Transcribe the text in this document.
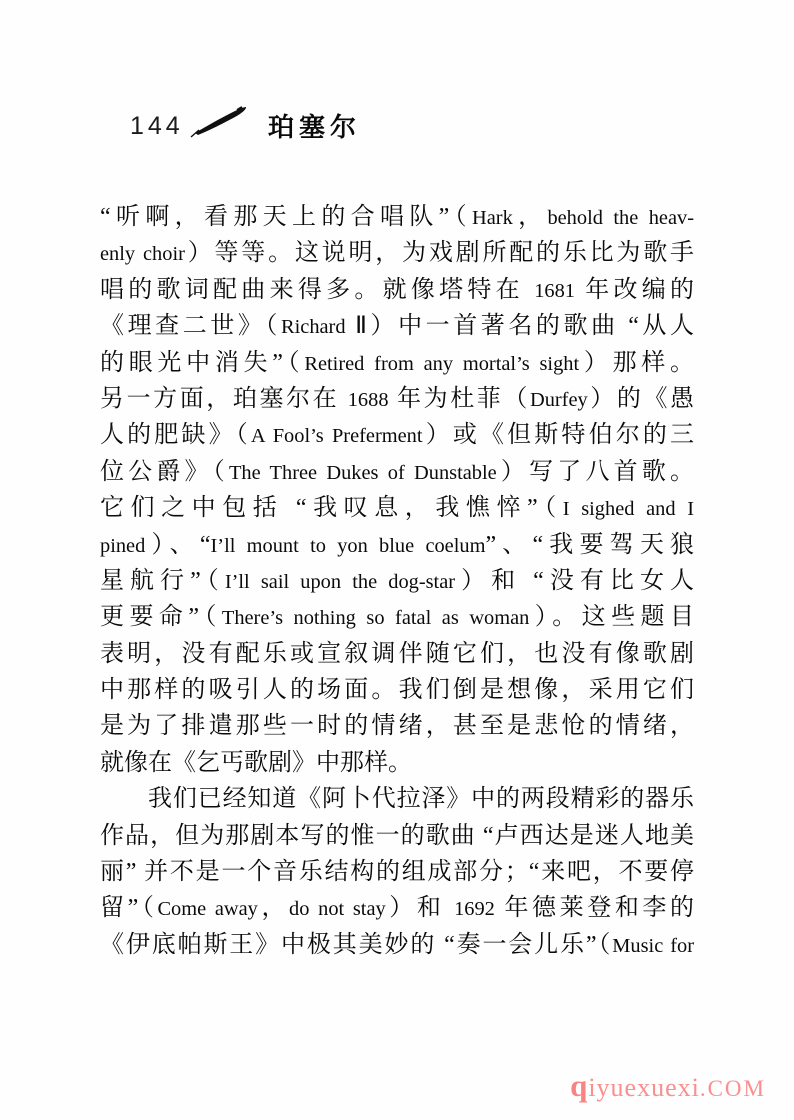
144	珀塞尔
“听啊，看那天上的合唱队”（Hark，behold the heav-
enly choir）等等。这说明，为戏剧所配的乐比为歌手
唱的歌词配曲来得多。就像塔特在 1681 年改编的
《理查二世》（Richard Ⅱ）中一首著名的歌曲 “从人
的眼光中消失”（Retired from any mortal’s sight）那样。
另一方面，珀塞尔在 1688 年为杜菲（Durfey）的《愚
人的肥缺》（A Fool’s Preferment）或《但斯特伯尔的三
位公爵》（The Three Dukes of Dunstable）写了八首歌。
它们之中包括 “我叹息，我憔悴”（I sighed and I
pined）、“I’ll mount to yon blue coelum”、“我要驾天狼
星航行”（I’ll sail upon the dog-star）和 “没有比女人
更要命”（There’s nothing so fatal as woman）。这些题目
表明，没有配乐或宣叙调伴随它们，也没有像歌剧
中那样的吸引人的场面。我们倒是想像，采用它们
是为了排遣那些一时的情绪，甚至是悲怆的情绪，
就像在《乞丐歌剧》中那样。
我们已经知道《阿卜代拉泽》中的两段精彩的器乐
作品，但为那剧本写的惟一的歌曲 “卢西达是迷人地美
丽” 并不是一个音乐结构的组成部分；“来吧，不要停
留”（Come away，do not stay）和 1692 年德莱登和李的
《伊底帕斯王》中极其美妙的 “奏一会儿乐”（Music for
qiyuexuexi.COM
